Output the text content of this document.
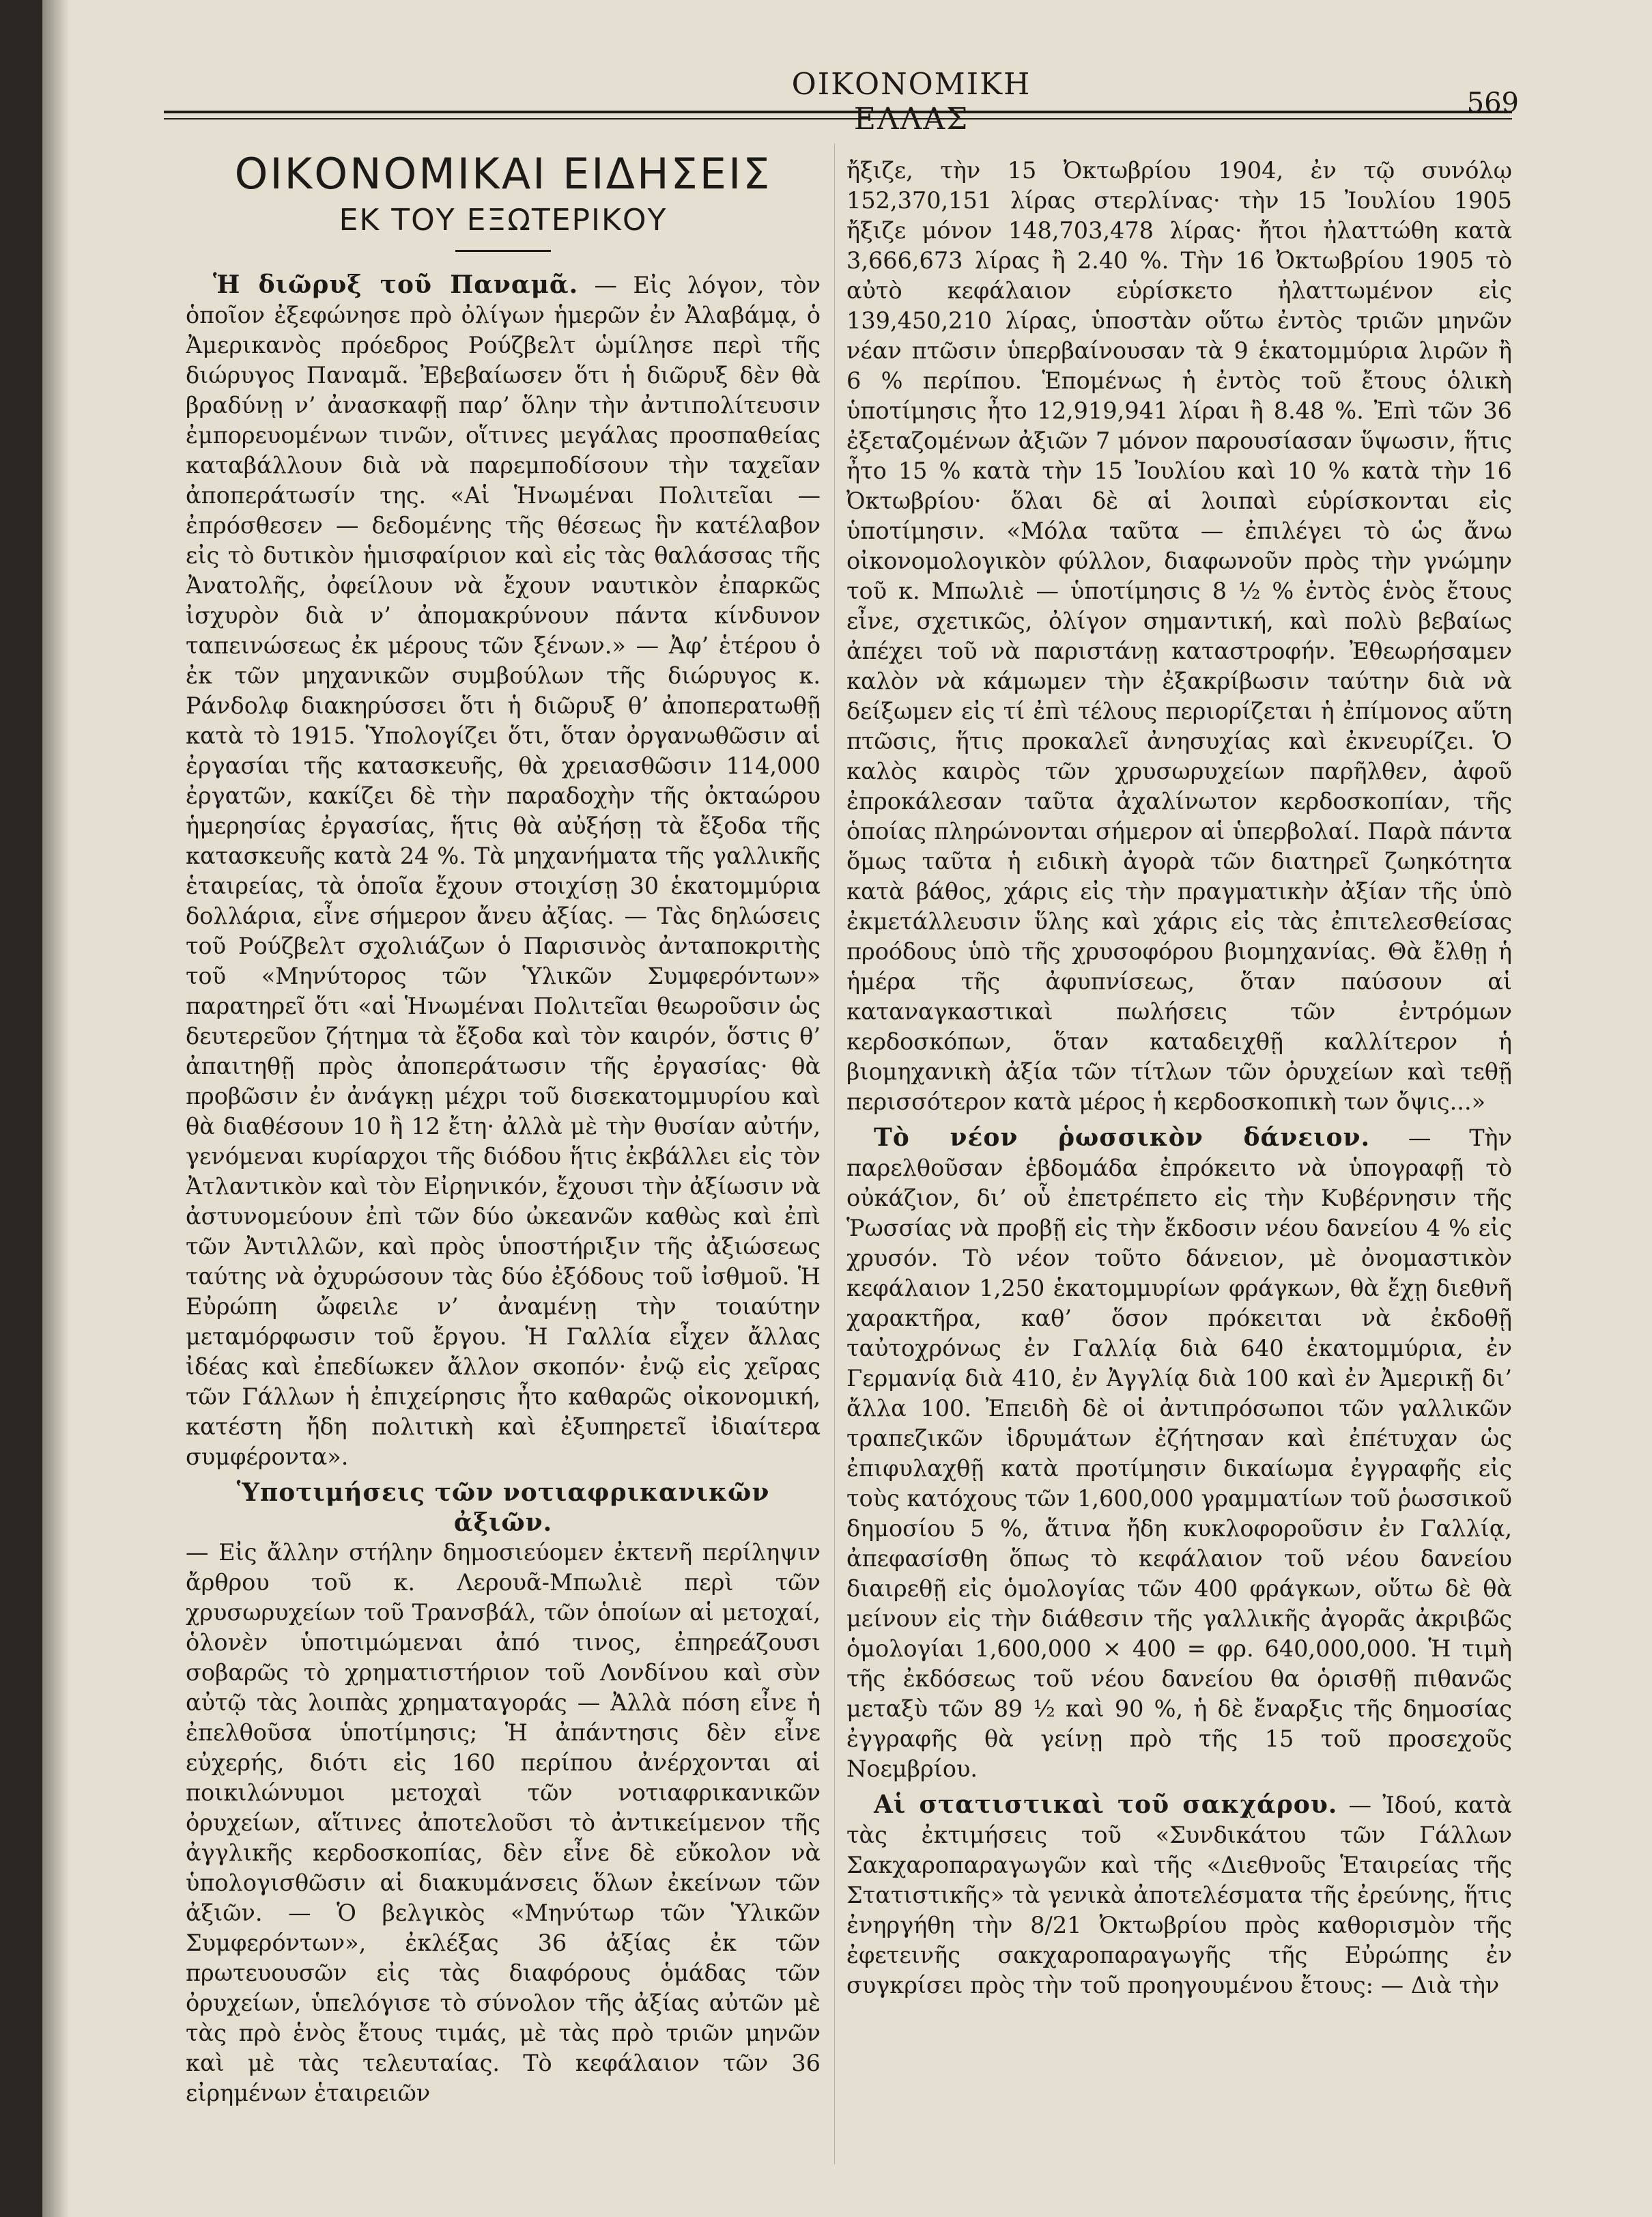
ΟΙΚΟΝΟΜΙΚΗ ΕΛΛΑΣ	569
ΟΙΚΟΝΟΜΙΚΑΙ ΕΙΔΗΣΕΙΣ
ΕΚ ΤΟΥ ΕΞΩΤΕΡΙΚΟΥ

Ἡ διῶρυξ τοῦ Παναμᾶ. — Εἰς λόγον, τὸν ὁποῖον ἐξεφώνησε πρὸ ὀλίγων ἡμερῶν ἐν Ἀλαβάμᾳ, ὁ Ἀμερικανὸς πρόεδρος Ρούζβελτ ὡμίλησε περὶ τῆς διώρυγος Παναμᾶ. Ἐβεβαίωσεν ὅτι ἡ διῶρυξ δὲν θὰ βραδύνῃ ν’ ἀνασκαφῇ παρ’ ὅλην τὴν ἀντιπολίτευσιν ἐμπορευομένων τινῶν, οἵτινες μεγάλας προσπαθείας καταβάλλουν διὰ νὰ παρεμποδίσουν τὴν ταχεῖαν ἀποπεράτωσίν της. «Αἱ Ἡνωμέναι Πολιτεῖαι — ἐπρόσθεσεν — δεδομένης τῆς θέσεως ἣν κατέλαβον εἰς τὸ δυτικὸν ἡμισφαίριον καὶ εἰς τὰς θαλάσσας τῆς Ἀνατολῆς, ὀφείλουν νὰ ἔχουν ναυτικὸν ἐπαρκῶς ἰσχυρὸν διὰ ν’ ἀπομακρύνουν πάντα κίνδυνον ταπεινώσεως ἐκ μέρους τῶν ξένων.» — Ἀφ’ ἑτέρου ὁ ἐκ τῶν μηχανικῶν συμβούλων τῆς διώρυγος κ. Ράνδολφ διακηρύσσει ὅτι ἡ διῶρυξ θ’ ἀποπερατωθῇ κατὰ τὸ 1915. Ὑπολογίζει ὅτι, ὅταν ὀργανωθῶσιν αἱ ἐργασίαι τῆς κατασκευῆς, θὰ χρειασθῶσιν 114,000 ἐργατῶν, κακίζει δὲ τὴν παραδοχὴν τῆς ὀκταώρου ἡμερησίας ἐργασίας, ἥτις θὰ αὐξήσῃ τὰ ἔξοδα τῆς κατασκευῆς κατὰ 24 %. Τὰ μηχανήματα τῆς γαλλικῆς ἑταιρείας, τὰ ὁποῖα ἔχουν στοιχίσῃ 30 ἑκατομμύρια δολλάρια, εἶνε σήμερον ἄνευ ἀξίας. — Τὰς δηλώσεις τοῦ Ρούζβελτ σχολιάζων ὁ Παρισινὸς ἀνταποκριτὴς τοῦ «Μηνύτορος τῶν Ὑλικῶν Συμφερόντων» παρατηρεῖ ὅτι «αἱ Ἡνωμέναι Πολιτεῖαι θεωροῦσιν ὡς δευτερεῦον ζήτημα τὰ ἔξοδα καὶ τὸν καιρόν, ὅστις θ’ ἀπαιτηθῇ πρὸς ἀποπεράτωσιν τῆς ἐργασίας· θὰ προβῶσιν ἐν ἀνάγκῃ μέχρι τοῦ δισεκατομμυρίου καὶ θὰ διαθέσουν 10 ἢ 12 ἔτη· ἀλλὰ μὲ τὴν θυσίαν αὐτήν, γενόμεναι κυρίαρχοι τῆς διόδου ἥτις ἐκβάλλει εἰς τὸν Ἀτλαντικὸν καὶ τὸν Εἰρηνικόν, ἔχουσι τὴν ἀξίωσιν νὰ ἀστυνομεύουν ἐπὶ τῶν δύο ὠκεανῶν καθὼς καὶ ἐπὶ τῶν Ἀντιλλῶν, καὶ πρὸς ὑποστήριξιν τῆς ἀξιώσεως ταύτης νὰ ὀχυρώσουν τὰς δύο ἐξόδους τοῦ ἰσθμοῦ. Ἡ Εὐρώπη ὤφειλε ν’ ἀναμένῃ τὴν τοιαύτην μεταμόρφωσιν τοῦ ἔργου. Ἡ Γαλλία εἶχεν ἄλλας ἰδέας καὶ ἐπεδίωκεν ἄλλον σκοπόν· ἐνῷ εἰς χεῖρας τῶν Γάλλων ἡ ἐπιχείρησις ἦτο καθαρῶς οἰκονομική, κατέστη ἤδη πολιτικὴ καὶ ἐξυπηρετεῖ ἰδιαίτερα συμφέροντα».

Ὑποτιμήσεις τῶν νοτιαφρικανικῶν ἀξιῶν.
— Εἰς ἄλλην στήλην δημοσιεύομεν ἐκτενῆ περίληψιν ἄρθρου τοῦ κ. Λερουᾶ-Μπωλιὲ περὶ τῶν χρυσωρυχείων τοῦ Τρανσβάλ, τῶν ὁποίων αἱ μετοχαί, ὁλονὲν ὑποτιμώμεναι ἀπό τινος, ἐπηρεάζουσι σοβαρῶς τὸ χρηματιστήριον τοῦ Λονδίνου καὶ σὺν αὐτῷ τὰς λοιπὰς χρηματαγοράς — Ἀλλὰ πόση εἶνε ἡ ἐπελθοῦσα ὑποτίμησις; Ἡ ἀπάντησις δὲν εἶνε εὐχερής, διότι εἰς 160 περίπου ἀνέρχονται αἱ ποικιλώνυμοι μετοχαὶ τῶν νοτιαφρικανικῶν ὀρυχείων, αἵτινες ἀποτελοῦσι τὸ ἀντικείμενον τῆς ἀγγλικῆς κερδοσκοπίας, δὲν εἶνε δὲ εὔκολον νὰ ὑπολογισθῶσιν αἱ διακυμάνσεις ὅλων ἐκείνων τῶν ἀξιῶν. — Ὁ βελγικὸς «Μηνύτωρ τῶν Ὑλικῶν Συμφερόντων», ἐκλέξας 36 ἀξίας ἐκ τῶν πρωτευουσῶν εἰς τὰς διαφόρους ὁμάδας τῶν ὀρυχείων, ὑπελόγισε τὸ σύνολον τῆς ἀξίας αὐτῶν μὲ τὰς πρὸ ἑνὸς ἔτους τιμάς, μὲ τὰς πρὸ τριῶν μηνῶν καὶ μὲ τὰς τελευταίας. Τὸ κεφάλαιον τῶν 36 εἰρημένων ἑταιρειῶν

ἤξιζε, τὴν 15 Ὀκτωβρίου 1904, ἐν τῷ συνόλῳ 152,370,151 λίρας στερλίνας· τὴν 15 Ἰουλίου 1905 ἤξιζε μόνον 148,703,478 λίρας· ἤτοι ἠλαττώθη κατὰ 3,666,673 λίρας ἢ 2.40 %. Τὴν 16 Ὀκτωβρίου 1905 τὸ αὐτὸ κεφάλαιον εὑρίσκετο ἠλαττωμένον εἰς 139,450,210 λίρας, ὑποστὰν οὕτω ἐντὸς τριῶν μηνῶν νέαν πτῶσιν ὑπερβαίνουσαν τὰ 9 ἑκατομμύρια λιρῶν ἢ 6 % περίπου. Ἑπομένως ἡ ἐντὸς τοῦ ἔτους ὁλικὴ ὑποτίμησις ἦτο 12,919,941 λίραι ἢ 8.48 %. Ἐπὶ τῶν 36 ἐξεταζομένων ἀξιῶν 7 μόνον παρουσίασαν ὕψωσιν, ἥτις ἦτο 15 % κατὰ τὴν 15 Ἰουλίου καὶ 10 % κατὰ τὴν 16 Ὀκτωβρίου· ὅλαι δὲ αἱ λοιπαὶ εὑρίσκονται εἰς ὑποτίμησιν. «Μόλα ταῦτα — ἐπιλέγει τὸ ὡς ἄνω οἰκονομολογικὸν φύλλον, διαφωνοῦν πρὸς τὴν γνώμην τοῦ κ. Μπωλιὲ — ὑποτίμησις 8 ½ % ἐντὸς ἑνὸς ἔτους εἶνε, σχετικῶς, ὀλίγον σημαντική, καὶ πολὺ βεβαίως ἀπέχει τοῦ νὰ παριστάνῃ καταστροφήν. Ἐθεωρήσαμεν καλὸν νὰ κάμωμεν τὴν ἐξακρίβωσιν ταύτην διὰ νὰ δείξωμεν εἰς τί ἐπὶ τέλους περιορίζεται ἡ ἐπίμονος αὕτη πτῶσις, ἥτις προκαλεῖ ἀνησυχίας καὶ ἐκνευρίζει. Ὁ καλὸς καιρὸς τῶν χρυσωρυχείων παρῆλθεν, ἀφοῦ ἐπροκάλεσαν ταῦτα ἀχαλίνωτον κερδοσκοπίαν, τῆς ὁποίας πληρώνονται σήμερον αἱ ὑπερβολαί. Παρὰ πάντα ὅμως ταῦτα ἡ ειδικὴ ἀγορὰ τῶν διατηρεῖ ζωηκότητα κατὰ βάθος, χάρις εἰς τὴν πραγματικὴν ἀξίαν τῆς ὑπὸ ἐκμετάλλευσιν ὕλης καὶ χάρις εἰς τὰς ἐπιτελεσθείσας προόδους ὑπὸ τῆς χρυσοφόρου βιομηχανίας. Θὰ ἔλθῃ ἡ ἡμέρα τῆς ἀφυπνίσεως, ὅταν παύσουν αἱ καταναγκαστικαὶ πωλήσεις τῶν ἐντρόμων κερδοσκόπων, ὅταν καταδειχθῇ καλλίτερον ἡ βιομηχανικὴ ἀξία τῶν τίτλων τῶν ὀρυχείων καὶ τεθῇ περισσότερον κατὰ μέρος ἡ κερδοσκοπικὴ των ὄψις...»

Τὸ νέον ῥωσσικὸν δάνειον. — Τὴν παρελθοῦσαν ἑβδομάδα ἐπρόκειτο νὰ ὑπογραφῇ τὸ οὐκάζιον, δι’ οὗ ἐπετρέπετο εἰς τὴν Κυβέρνησιν τῆς Ῥωσσίας νὰ προβῇ εἰς τὴν ἔκδοσιν νέου δανείου 4 % εἰς χρυσόν. Τὸ νέον τοῦτο δάνειον, μὲ ὀνομαστικὸν κεφάλαιον 1,250 ἑκατομμυρίων φράγκων, θὰ ἔχῃ διεθνῆ χαρακτῆρα, καθ’ ὅσον πρόκειται νὰ ἐκδοθῇ ταὐτοχρόνως ἐν Γαλλίᾳ διὰ 640 ἑκατομμύρια, ἐν Γερμανίᾳ διὰ 410, ἐν Ἀγγλίᾳ διὰ 100 καὶ ἐν Ἀμερικῇ δι’ ἄλλα 100. Ἐπειδὴ δὲ οἱ ἀντιπρόσωποι τῶν γαλλικῶν τραπεζικῶν ἱδρυμάτων ἐζήτησαν καὶ ἐπέτυχαν ὡς ἐπιφυλαχθῇ κατὰ προτίμησιν δικαίωμα ἐγγραφῆς εἰς τοὺς κατόχους τῶν 1,600,000 γραμματίων τοῦ ῥωσσικοῦ δημοσίου 5 %, ἅτινα ἤδη κυκλοφοροῦσιν ἐν Γαλλίᾳ, ἀπεφασίσθη ὅπως τὸ κεφάλαιον τοῦ νέου δανείου διαιρεθῇ εἰς ὁμολογίας τῶν 400 φράγκων, οὕτω δὲ θὰ μείνουν εἰς τὴν διάθεσιν τῆς γαλλικῆς ἀγορᾶς ἀκριβῶς ὁμολογίαι 1,600,000 × 400 = φρ. 640,000,000. Ἡ τιμὴ τῆς ἐκδόσεως τοῦ νέου δανείου θα ὁρισθῇ πιθανῶς μεταξὺ τῶν 89 ½ καὶ 90 %, ἡ δὲ ἔναρξις τῆς δημοσίας ἐγγραφῆς θὰ γείνῃ πρὸ τῆς 15 τοῦ προσεχοῦς Νοεμβρίου.

Αἱ στατιστικαὶ τοῦ σακχάρου. — Ἰδού, κατὰ τὰς ἐκτιμήσεις τοῦ «Συνδικάτου τῶν Γάλλων Σακχαροπαραγωγῶν καὶ τῆς «Διεθνοῦς Ἑταιρείας τῆς Στατιστικῆς» τὰ γενικὰ ἀποτελέσματα τῆς ἐρεύνης, ἥτις ἐνηργήθη τὴν 8/21 Ὀκτωβρίου πρὸς καθορισμὸν τῆς ἐφετεινῆς σακχαροπαραγωγῆς τῆς Εὐρώπης ἐν συγκρίσει πρὸς τὴν τοῦ προηγουμένου ἔτους: — Διὰ τὴν
